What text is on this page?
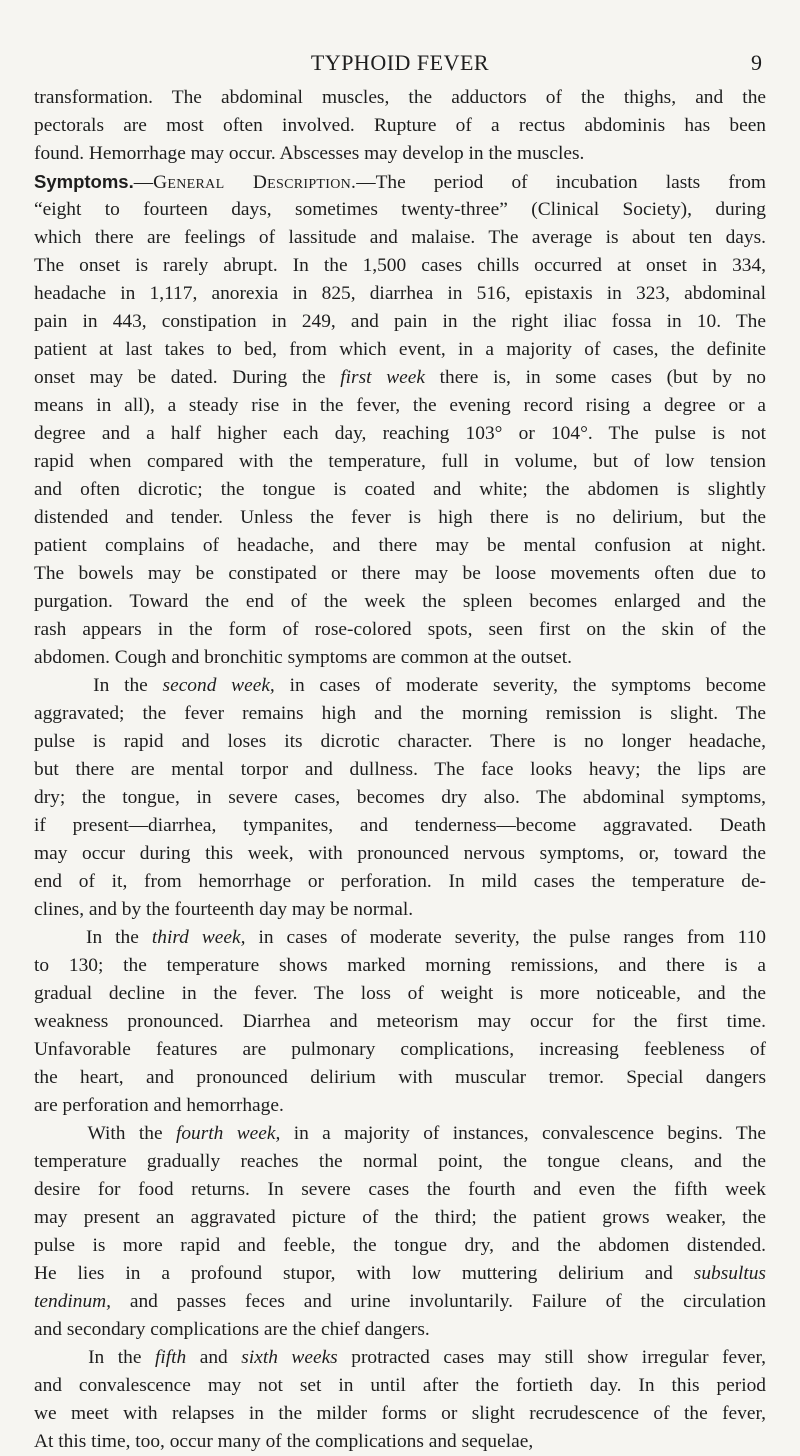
TYPHOID FEVER	9
transformation. The abdominal muscles, the adductors of the thighs, and the
pectorals are most often involved. Rupture of a rectus abdominis has been
found. Hemorrhage may occur. Abscesses may develop in the muscles.
Symptoms.—General Description.—The period of incubation lasts from
“eight to fourteen days, sometimes twenty-three” (Clinical Society), during
which there are feelings of lassitude and malaise. The average is about ten days.
The onset is rarely abrupt. In the 1,500 cases chills occurred at onset in 334,
headache in 1,117, anorexia in 825, diarrhea in 516, epistaxis in 323, abdominal
pain in 443, constipation in 249, and pain in the right iliac fossa in 10. The
patient at last takes to bed, from which event, in a majority of cases, the definite
onset may be dated. During the first week there is, in some cases (but by no
means in all), a steady rise in the fever, the evening record rising a degree or a
degree and a half higher each day, reaching 103° or 104°. The pulse is not
rapid when compared with the temperature, full in volume, but of low tension
and often dicrotic; the tongue is coated and white; the abdomen is slightly
distended and tender. Unless the fever is high there is no delirium, but the
patient complains of headache, and there may be mental confusion at night.
The bowels may be constipated or there may be loose movements often due to
purgation. Toward the end of the week the spleen becomes enlarged and the
rash appears in the form of rose-colored spots, seen first on the skin of the
abdomen. Cough and bronchitic symptoms are common at the outset.
In the second week, in cases of moderate severity, the symptoms become
aggravated; the fever remains high and the morning remission is slight. The
pulse is rapid and loses its dicrotic character. There is no longer headache,
but there are mental torpor and dullness. The face looks heavy; the lips are
dry; the tongue, in severe cases, becomes dry also. The abdominal symptoms,
if present—diarrhea, tympanites, and tenderness—become aggravated. Death
may occur during this week, with pronounced nervous symptoms, or, toward the
end of it, from hemorrhage or perforation. In mild cases the temperature de-
clines, and by the fourteenth day may be normal.
In the third week, in cases of moderate severity, the pulse ranges from 110
to 130; the temperature shows marked morning remissions, and there is a
gradual decline in the fever. The loss of weight is more noticeable, and the
weakness pronounced. Diarrhea and meteorism may occur for the first time.
Unfavorable features are pulmonary complications, increasing feebleness of
the heart, and pronounced delirium with muscular tremor. Special dangers
are perforation and hemorrhage.
With the fourth week, in a majority of instances, convalescence begins. The
temperature gradually reaches the normal point, the tongue cleans, and the
desire for food returns. In severe cases the fourth and even the fifth week
may present an aggravated picture of the third; the patient grows weaker, the
pulse is more rapid and feeble, the tongue dry, and the abdomen distended.
He lies in a profound stupor, with low muttering delirium and subsultus
tendinum, and passes feces and urine involuntarily. Failure of the circulation
and secondary complications are the chief dangers.
In the fifth and sixth weeks protracted cases may still show irregular fever,
and convalescence may not set in until after the fortieth day. In this period
we meet with relapses in the milder forms or slight recrudescence of the fever,
At this time, too, occur many of the complications and sequelae,
